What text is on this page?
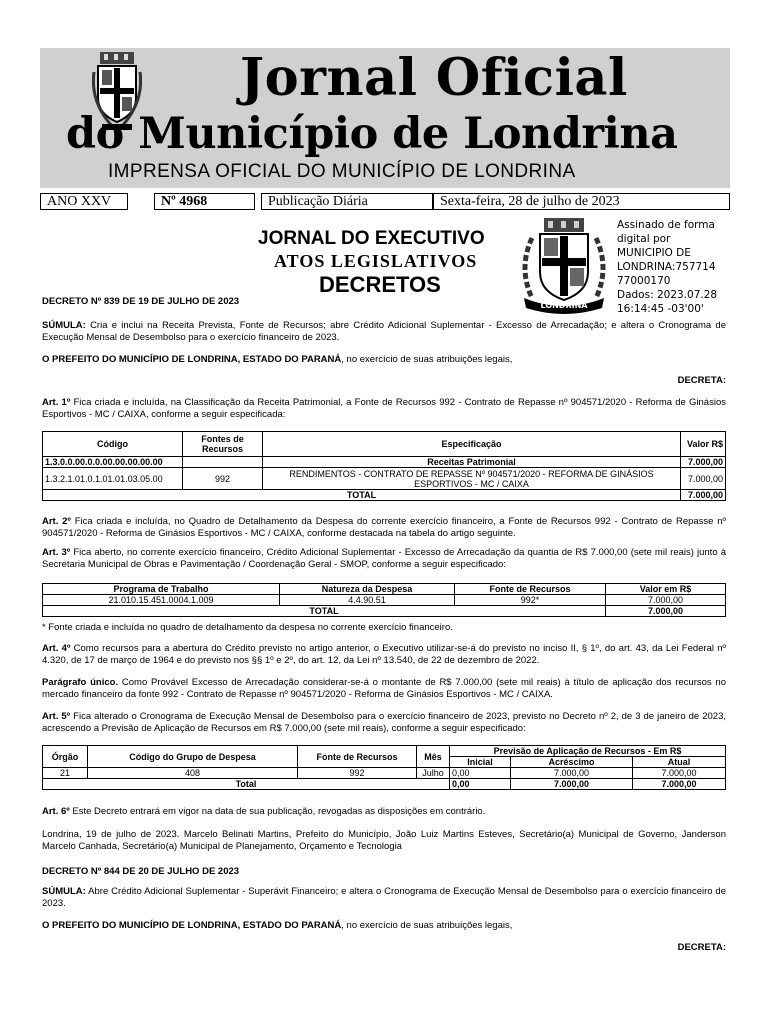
Jornal Oficial
do Município de Londrina
IMPRENSA OFICIAL DO MUNICÍPIO DE LONDRINA
ANO XXV	Nº 4968	Publicação Diária	Sexta-feira, 28 de julho de 2023
JORNAL DO EXECUTIVO
ATOS LEGISLATIVOS
DECRETOS
LONDRINA
Assinado de forma
digital por
MUNICIPIO DE
LONDRINA:757714
77000170
Dados: 2023.07.28
16:14:45 -03'00'
DECRETO Nº 839 DE 19 DE JULHO DE 2023
SÚMULA: Cria e inclui na Receita Prevista, Fonte de Recursos; abre Crédito Adicional Suplementar - Excesso de Arrecadação; e altera o Cronograma de Execução Mensal de Desembolso para o exercício financeiro de 2023.
O PREFEITO DO MUNICÍPIO DE LONDRINA, ESTADO DO PARANÁ, no exercício de suas atribuições legais,
DECRETA:
Art. 1º Fica criada e incluída, na Classificação da Receita Patrimonial, a Fonte de Recursos 992 - Contrato de Repasse nº 904571/2020 - Reforma de Ginásios Esportivos - MC / CAIXA, conforme a seguir especificada:
Código	Fontes de Recursos	Especificação	Valor R$
1.3.0.0.00.0.0.00.00.00.00.00		Receitas Patrimonial	7.000,00
1.3.2.1.01.0.1.01.01.03.05.00	992	RENDIMENTOS - CONTRATO DE REPASSE Nº 904571/2020 - REFORMA DE GINÁSIOS ESPORTIVOS - MC / CAIXA	7.000,00
TOTAL			7.000,00
Art. 2º Fica criada e incluída, no Quadro de Detalhamento da Despesa do corrente exercício financeiro, a Fonte de Recursos 992 - Contrato de Repasse nº 904571/2020 - Reforma de Ginásios Esportivos - MC / CAIXA, conforme destacada na tabela do artigo seguinte.
Art. 3º Fica aberto, no corrente exercício financeiro, Crédito Adicional Suplementar - Excesso de Arrecadação da quantia de R$ 7.000,00 (sete mil reais) junto à Secretaria Municipal de Obras e Pavimentação / Coordenação Geral - SMOP, conforme a seguir especificado:
Programa de Trabalho	Natureza da Despesa	Fonte de Recursos	Valor em R$
21.010.15.451.0004.1.009	4.4.90.51	992*	7.000,00
TOTAL			7.000,00
* Fonte criada e incluída no quadro de detalhamento da despesa no corrente exercício financeiro.
Art. 4º Como recursos para a abertura do Crédito previsto no artigo anterior, o Executivo utilizar-se-á do previsto no inciso II, § 1º, do art. 43, da Lei Federal nº 4.320, de 17 de março de 1964 e do previsto nos §§ 1º e 2º, do art. 12, da Lei nº 13.540, de 22 de dezembro de 2022.
Parágrafo único. Como Provável Excesso de Arrecadação considerar-se-á o montante de R$ 7.000,00 (sete mil reais) à título de aplicação dos recursos no mercado financeiro da fonte 992 - Contrato de Repasse nº 904571/2020 - Reforma de Ginásios Esportivos - MC / CAIXA.
Art. 5º Fica alterado o Cronograma de Execução Mensal de Desembolso para o exercício financeiro de 2023, previsto no Decreto nº 2, de 3 de janeiro de 2023, acrescendo a Previsão de Aplicação de Recursos em R$ 7.000,00 (sete mil reais), conforme a seguir especificado:
Órgão	Código do Grupo de Despesa	Fonte de Recursos	Mês	Previsão de Aplicação de Recursos - Em R$		
				Inicial	Acréscimo	Atual
21	408	992	Julho	0,00	7.000,00	7.000,00
Total				0,00	7.000,00	7.000,00
Art. 6º Este Decreto entrará em vigor na data de sua publicação, revogadas as disposições em contrário.
Londrina, 19 de julho de 2023. Marcelo Belinati Martins, Prefeito do Município, João Luiz Martins Esteves, Secretário(a) Municipal de Governo, Janderson Marcelo Canhada, Secretário(a) Municipal de Planejamento, Orçamento e Tecnologia
DECRETO Nº 844 DE 20 DE JULHO DE 2023
SÚMULA: Abre Crédito Adicional Suplementar - Superávit Financeiro; e altera o Cronograma de Execução Mensal de Desembolso para o exercício financeiro de 2023.
O PREFEITO DO MUNICÍPIO DE LONDRINA, ESTADO DO PARANÁ, no exercício de suas atribuições legais,
DECRETA:
